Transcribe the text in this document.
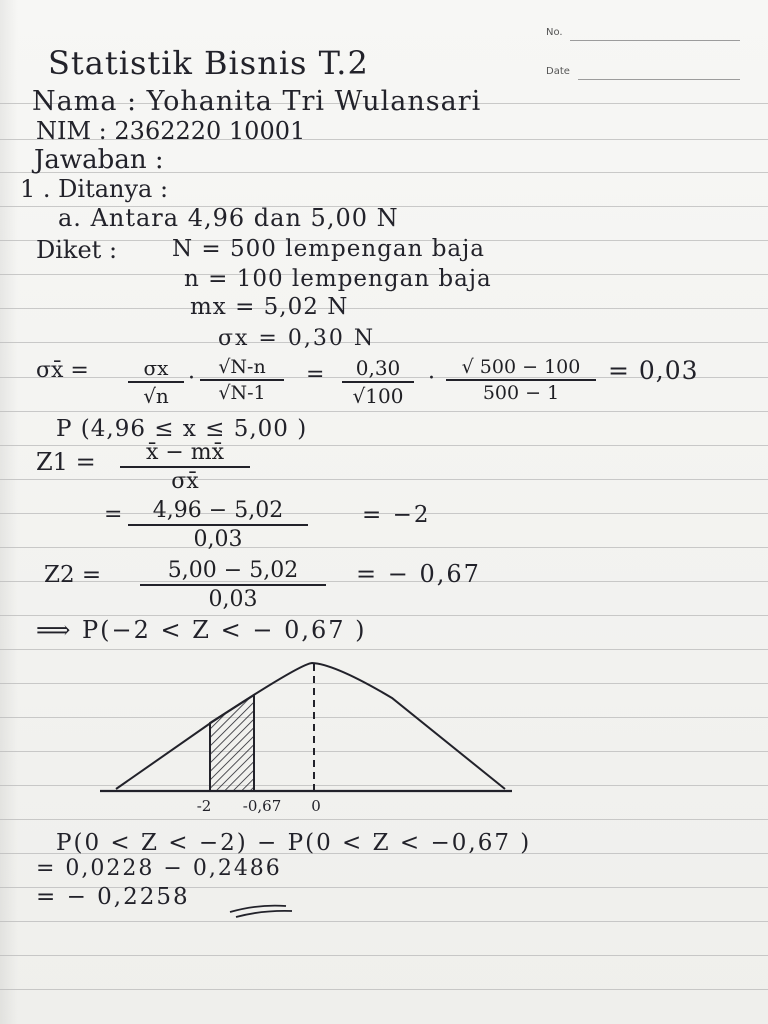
No.
Date
Statistik Bisnis T.2
Nama : Yohanita Tri Wulansari
NIM : 2362220 10001
Jawaban :
1 . Ditanya :
a. Antara 4,96 dan 5,00 N
Diket : N = 500 lempengan baja
n = 100 lempengan baja
mx = 5,02 N
σx = 0,30 N
σx̄ =	σx
√n
·	√N-n
√N-1
=	0,30
√100
·	√ 500 − 100
500 − 1
= 0,03
P (4,96 ≤ x ≤ 5,00 )
Z1 =	x̄ − mx̄
σx̄
=	4,96 − 5,02
0,03
= −2
Z2 =	5,00 − 5,02
0,03
= − 0,67
⟹ P(−2 < Z < − 0,67 )
-2 -0,67 0
P(0 < Z < −2) − P(0 < Z < −0,67 )
= 0,0228 − 0,2486
= − 0,2258
